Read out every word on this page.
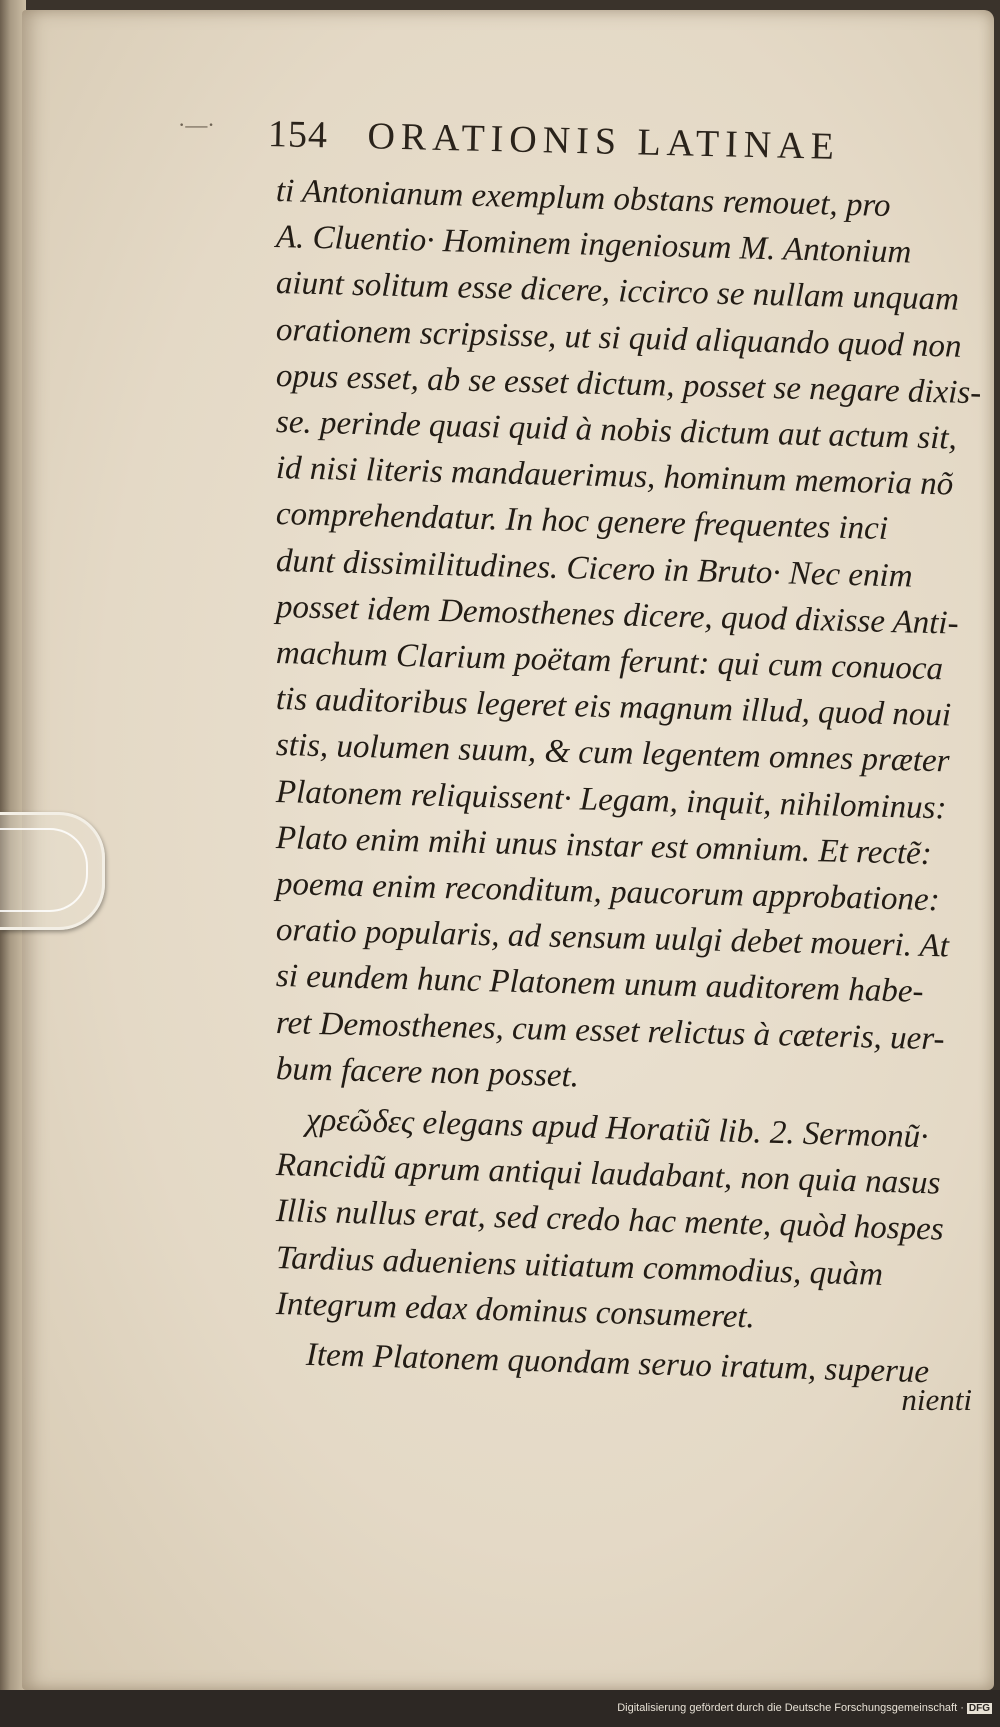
·—· 154 ORATIONIS LATINAE
ti Antonianum exemplum obstans remouet, pro
A. Cluentio· Hominem ingeniosum M. Antonium
aiunt solitum esse dicere, iccirco se nullam unquam
orationem scripsisse, ut si quid aliquando quod non
opus esset, ab se esset dictum, posset se negare dixis-
se. perinde quasi quid à nobis dictum aut actum sit,
id nisi literis mandauerimus, hominum memoria nõ
comprehendatur. In hoc genere frequentes inci
dunt dissimilitudines. Cicero in Bruto· Nec enim
posset idem Demosthenes dicere, quod dixisse Anti-
machum Clarium poëtam ferunt: qui cum conuoca
tis auditoribus legeret eis magnum illud, quod noui
stis, uolumen suum, & cum legentem omnes præter
Platonem reliquissent· Legam, inquit, nihilominus:
Plato enim mihi unus instar est omnium. Et rectẽ:
poema enim reconditum, paucorum approbatione:
oratio popularis, ad sensum uulgi debet moueri. At
si eundem hunc Platonem unum auditorem habe-
ret Demosthenes, cum esset relictus à cæteris, uer-
bum facere non posset.
χρεῶδες elegans apud Horatiũ lib. 2. Sermonũ·
Rancidũ aprum antiqui laudabant, non quia nasus
Illis nullus erat, sed credo hac mente, quòd hospes
Tardius adueniens uitiatum commodius, quàm
Integrum edax dominus consumeret.
Item Platonem quondam seruo iratum, superue
nienti
Digitalisierung gefördert durch die Deutsche Forschungsgemeinschaft · DFG
